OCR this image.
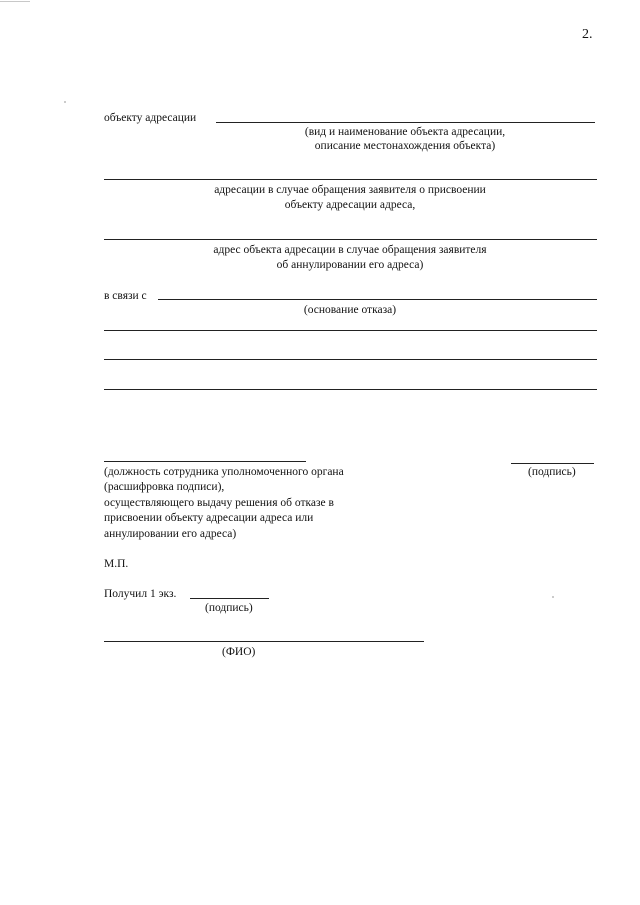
2.
объекту адресации
(вид и наименование объекта адресации,
описание местонахождения объекта)
адресации в случае обращения заявителя о присвоении
объекту адресации адреса,
адрес объекта адресации в случае обращения заявителя
об аннулировании его адреса)
в связи с
(основание отказа)
(должность сотрудника уполномоченного органа	(подпись)
(расшифровка подписи),
осуществляющего выдачу решения об отказе в
присвоении объекту адресации адреса или
аннулировании его адреса)
М.П.
Получил 1 экз.
(подпись)
(ФИО)
